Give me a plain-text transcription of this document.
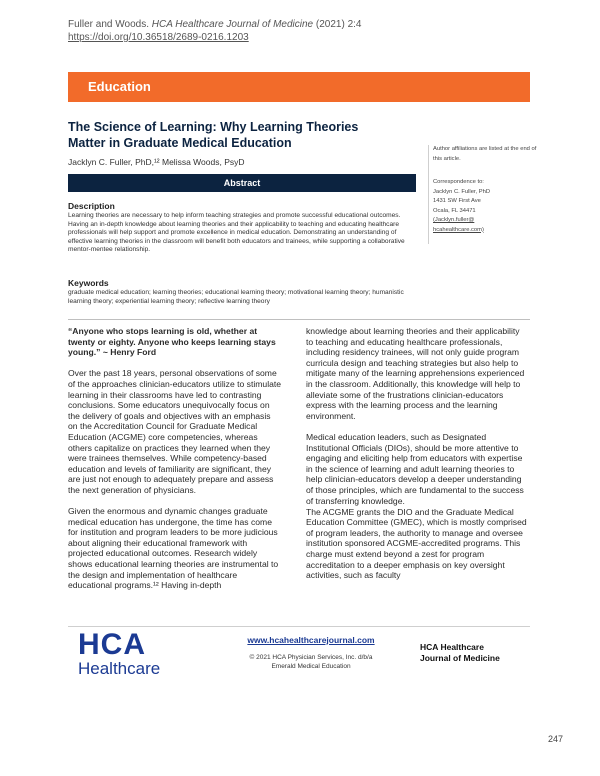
Fuller and Woods. HCA Healthcare Journal of Medicine (2021) 2:4
https://doi.org/10.36518/2689-0216.1203
Education
The Science of Learning: Why Learning Theories Matter in Graduate Medical Education
Jacklyn C. Fuller, PhD,¹² Melissa Woods, PsyD

Author affiliations are listed at the end of this article.

Correspondence to:
Jacklyn C. Fuller, PhD
1431 SW First Ave
Ocala, FL 34471
(Jacklyn.fuller@
hcahealthcare.com)

Abstract
Description
Learning theories are necessary to help inform teaching strategies and promote successful educational outcomes. Having an in-depth knowledge about learning theories and their applicability to teaching and educating healthcare professionals will help support and promote excellence in medical education. Demonstrating an understanding of effective learning theories in the classroom will benefit both educators and trainees, while supporting a collaborative mentor-mentee relationship.
Keywords
graduate medical education; learning theories; educational learning theory; motivational learning theory; humanistic learning theory; experiential learning theory; reflective learning theory

“Anyone who stops learning is old, whether at twenty or eighty. Anyone who keeps learning stays young.” ~ Henry Ford

Over the past 18 years, personal observations of some of the approaches clinician-educators utilize to stimulate learning in their classrooms have led to contrasting conclusions. Some educators unequivocally focus on the delivery of goals and objectives with an emphasis on the Accreditation Council for Graduate Medical Education (ACGME) core competencies, whereas others capitalize on practices they learned when they were trainees themselves. While competency-based education and levels of familiarity are significant, they are just not enough to adequately prepare and assess the next generation of physicians.

Given the enormous and dynamic changes graduate medical education has undergone, the time has come for institution and program leaders to be more judicious about aligning their educational framework with projected educational outcomes. Research widely shows educational learning theories are instrumental to the design and implementation of healthcare educational programs.¹² Having in-depth

knowledge about learning theories and their applicability to teaching and educating healthcare professionals, including residency trainees, will not only guide program curricula design and teaching strategies but also help to mitigate many of the learning apprehensions experienced in the classroom. Additionally, this knowledge will help to alleviate some of the frustrations clinician-educators express with the learning process and the learning environment.

Medical education leaders, such as Designated Institutional Officials (DIOs), should be more attentive to engaging and eliciting help from educators with expertise in the science of learning and adult learning theories to help clinician-educators develop a deeper understanding of those principles, which are fundamental to the success of transferring knowledge.

The ACGME grants the DIO and the Graduate Medical Education Committee (GMEC), which is mostly comprised of program leaders, the authority to manage and oversee institution sponsored ACGME-accredited programs. This charge must extend beyond a zest for program accreditation to a deeper emphasis on key oversight activities, such as faculty

HCA
Healthcare
www.hcahealthcarejournal.com
© 2021 HCA Physician Services, Inc. d/b/a
Emerald Medical Education
HCA Healthcare
Journal of Medicine
247
